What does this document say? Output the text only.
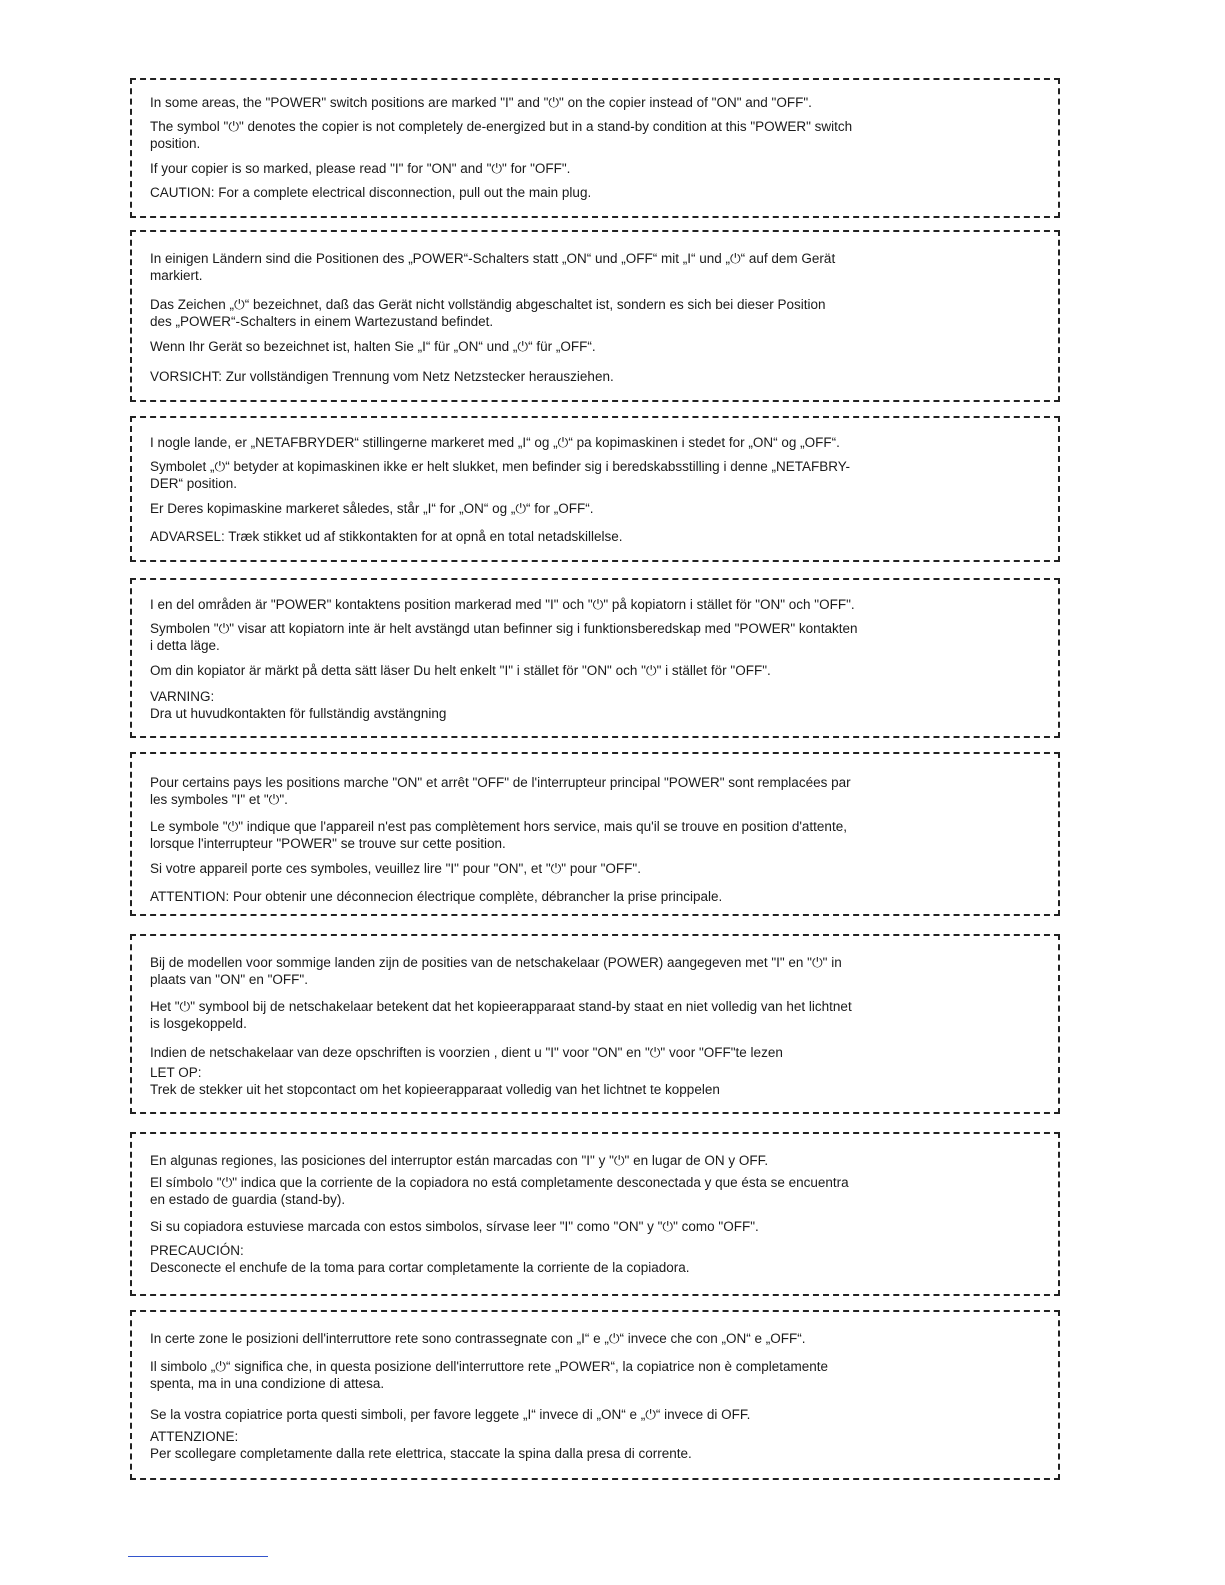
In some areas, the "POWER" switch positions are marked "I" and "⏻" on the copier instead of "ON" and "OFF".
The symbol "⏻" denotes the copier is not completely de-energized but in a stand-by condition at this "POWER" switch
position.
If your copier is so marked, please read "I" for "ON" and "⏻" for "OFF".
CAUTION: For a complete electrical disconnection, pull out the main plug.
In einigen Ländern sind die Positionen des „POWER“-Schalters statt „ON“ und „OFF“ mit „I“ und „⏻“ auf dem Gerät
markiert.
Das Zeichen „⏻“ bezeichnet, daß das Gerät nicht vollständig abgeschaltet ist, sondern es sich bei dieser Position
des „POWER“-Schalters in einem Wartezustand befindet.
Wenn Ihr Gerät so bezeichnet ist, halten Sie „I“ für „ON“ und „⏻“ für „OFF“.
VORSICHT: Zur vollständigen Trennung vom Netz Netzstecker herausziehen.
I nogle lande, er „NETAFBRYDER“ stillingerne markeret med „I“ og „⏻“ pa kopimaskinen i stedet for „ON“ og „OFF“.
Symbolet „⏻“ betyder at kopimaskinen ikke er helt slukket, men befinder sig i beredskabsstilling i denne „NETAFBRY-
DER“ position.
Er Deres kopimaskine markeret således, står „I“ for „ON“ og „⏻“ for „OFF“.
ADVARSEL: Træk stikket ud af stikkontakten for at opnå en total netadskillelse.
I en del områden är "POWER" kontaktens position markerad med "I" och "⏻" på kopiatorn i stället för "ON" och "OFF".
Symbolen "⏻" visar att kopiatorn inte är helt avstängd utan befinner sig i funktionsberedskap med "POWER" kontakten
i detta läge.
Om din kopiator är märkt på detta sätt läser Du helt enkelt "I" i stället för "ON" och "⏻" i stället för "OFF".
VARNING:
Dra ut huvudkontakten för fullständig avstängning
Pour certains pays les positions marche "ON" et arrêt "OFF" de l'interrupteur principal "POWER" sont remplacées par
les symboles "I" et "⏻".
Le symbole "⏻" indique que l'appareil n'est pas complètement hors service, mais qu'il se trouve en position d'attente,
lorsque l'interrupteur "POWER" se trouve sur cette position.
Si votre appareil porte ces symboles, veuillez lire "I" pour "ON", et "⏻" pour "OFF".
ATTENTION: Pour obtenir une déconnecion électrique complète, débrancher la prise principale.
Bij de modellen voor sommige landen zijn de posities van de netschakelaar (POWER) aangegeven met "I" en "⏻" in
plaats van "ON" en "OFF".
Het "⏻" symbool bij de netschakelaar betekent dat het kopieerapparaat stand-by staat en niet volledig van het lichtnet
is losgekoppeld.
Indien de netschakelaar van deze opschriften is voorzien , dient u "I" voor "ON" en "⏻" voor "OFF"te lezen
LET OP:
Trek de stekker uit het stopcontact om het kopieerapparaat volledig van het lichtnet te koppelen
En algunas regiones, las posiciones del interruptor están marcadas con "I" y "⏻" en lugar de ON y OFF.
El símbolo "⏻" indica que la corriente de la copiadora no está completamente desconectada y que ésta se encuentra
en estado de guardia (stand-by).
Si su copiadora estuviese marcada con estos simbolos, sírvase leer "I" como "ON" y "⏻" como "OFF".
PRECAUCIÓN:
Desconecte el enchufe de la toma para cortar completamente la corriente de la copiadora.
In certe zone le posizioni dell'interruttore rete sono contrassegnate con „I“ e „⏻“ invece che con „ON“ e „OFF“.
Il simbolo „⏻“ significa che, in questa posizione dell'interruttore rete „POWER“, la copiatrice non è completamente
spenta, ma in una condizione di attesa.
Se la vostra copiatrice porta questi simboli, per favore leggete „I“ invece di „ON“ e „⏻“ invece di OFF.
ATTENZIONE:
Per scollegare completamente dalla rete elettrica, staccate la spina dalla presa di corrente.
